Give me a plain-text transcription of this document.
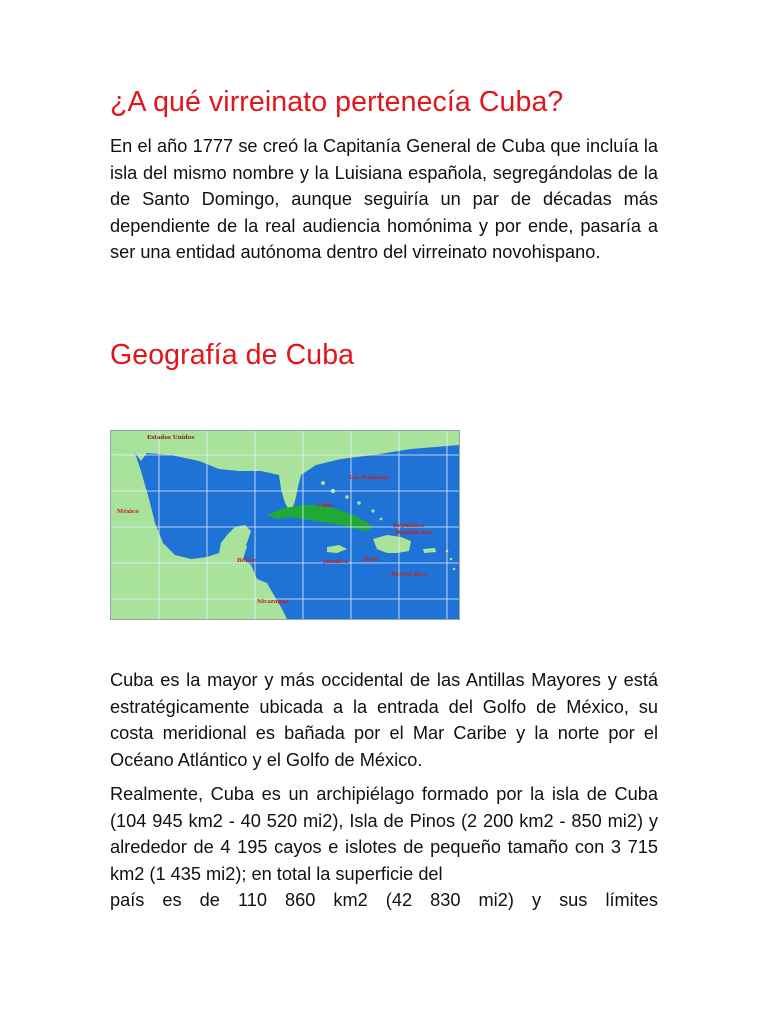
¿A qué virreinato pertenecía Cuba?

En el año 1777 se creó la Capitanía General de Cuba que incluía la isla del mismo nombre y la Luisiana española, segregándolas de la de Santo Domingo, aunque seguiría un par de décadas más dependiente de la real audiencia homónima y por ende, pasaría a ser una entidad autónoma dentro del virreinato novohispano.

Geografía de Cuba
Estados Unidos
México
Las Bahamas
Cuba
República
Dominicana
Haití
Jamaica
Puerto Rico
Belice
Nicaragua

Cuba es la mayor y más occidental de las Antillas Mayores y está estratégicamente ubicada a la entrada del Golfo de México, su costa meridional es bañada por el Mar Caribe y la norte por el Océano Atlántico y el Golfo de México.

Realmente, Cuba es un archipiélago formado por la isla de Cuba (104 945 km2 - 40 520 mi2), Isla de Pinos (2 200 km2 - 850 mi2) y alrededor de 4 195 cayos e islotes de pequeño tamaño con 3 715 km2 (1 435 mi2); en total la superficie del
país es de 110 860 km2 (42 830 mi2) y sus límites
